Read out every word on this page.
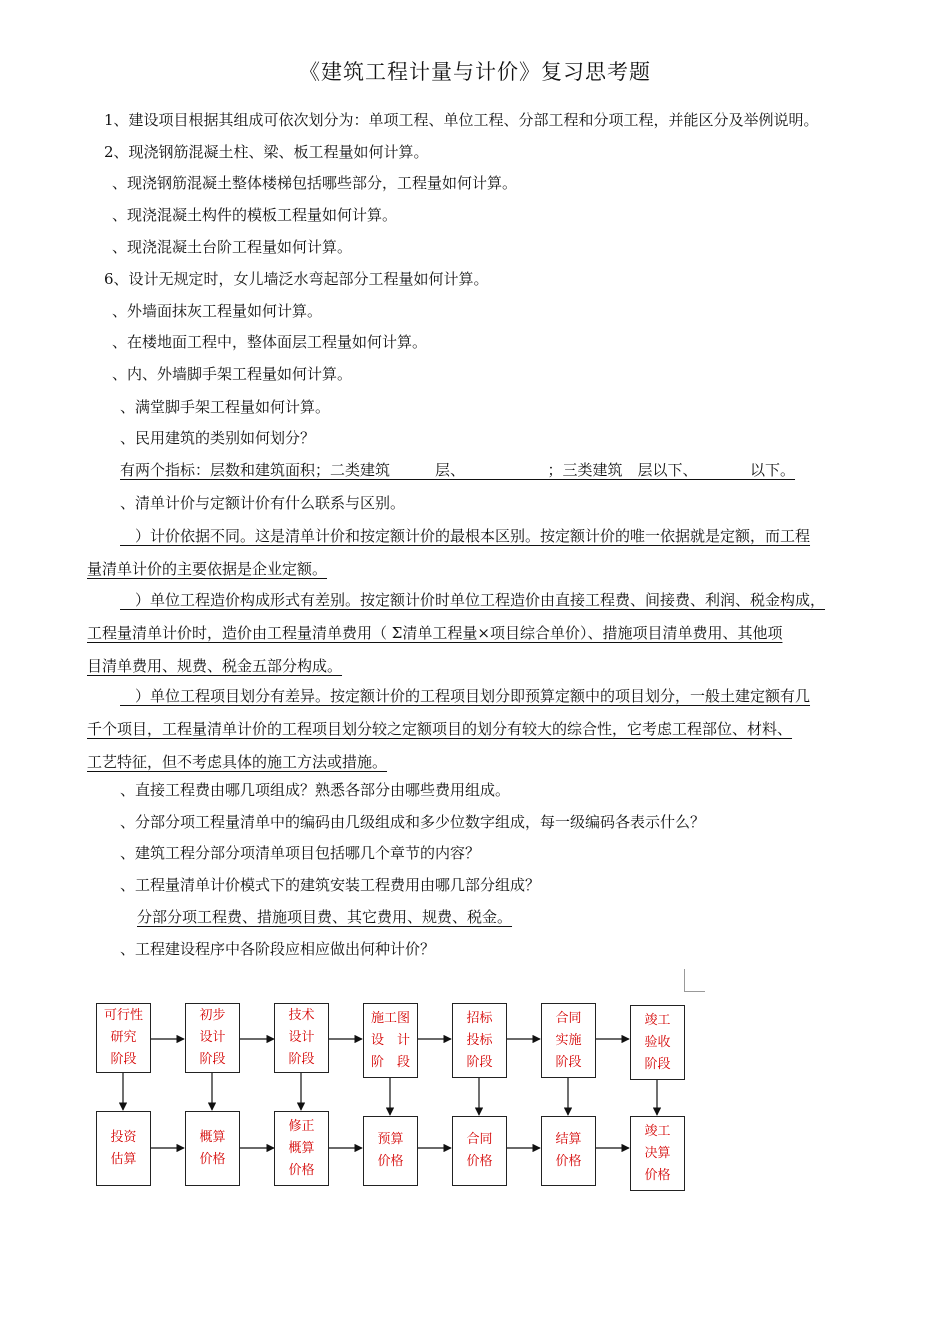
《建筑工程计量与计价》复习思考题
1、建设项目根据其组成可依次划分为：单项工程、单位工程、分部工程和分项工程，并能区分及举例说明。
2、现浇钢筋混凝土柱、梁、板工程量如何计算。
、现浇钢筋混凝土整体楼梯包括哪些部分，工程量如何计算。
、现浇混凝土构件的模板工程量如何计算。
、现浇混凝土台阶工程量如何计算。
6、设计无规定时，女儿墙泛水弯起部分工程量如何计算。
、外墙面抹灰工程量如何计算。
、在楼地面工程中，整体面层工程量如何计算。
、内、外墙脚手架工程量如何计算。
、满堂脚手架工程量如何计算。
、民用建筑的类别如何划分？
有两个指标：层数和建筑面积；二类建筑　　　层、　　　　　　；三类建筑　层以下、　　　　以下。
、清单计价与定额计价有什么联系与区别。
　）计价依据不同。这是清单计价和按定额计价的最根本区别。按定额计价的唯一依据就是定额，而工程
量清单计价的主要依据是企业定额。
　）单位工程造价构成形式有差别。按定额计价时单位工程造价由直接工程费、间接费、利润、税金构成，
工程量清单计价时，造价由工程量清单费用（ Σ清单工程量×项目综合单价）、措施项目清单费用、其他项
目清单费用、规费、税金五部分构成。
　）单位工程项目划分有差异。按定额计价的工程项目划分即预算定额中的项目划分，一般土建定额有几
千个项目，工程量清单计价的工程项目划分较之定额项目的划分有较大的综合性，它考虑工程部位、材料、
工艺特征，但不考虑具体的施工方法或措施。
、直接工程费由哪几项组成？熟悉各部分由哪些费用组成。
、分部分项工程量清单中的编码由几级组成和多少位数字组成，每一级编码各表示什么？
、建筑工程分部分项清单项目包括哪几个章节的内容？
、工程量清单计价模式下的建筑安装工程费用由哪几部分组成？
分部分项工程费、措施项目费、其它费用、规费、税金。
、工程建设程序中各阶段应相应做出何种计价？
可行性
研究
阶段
初步
设计
阶段
技术
设计
阶段
施工图
设　计
阶　段
招标
投标
阶段
合同
实施
阶段
竣工
验收
阶段
投资
估算
概算
价格
修正
概算
价格
预算
价格
合同
价格
结算
价格
竣工
决算
价格
